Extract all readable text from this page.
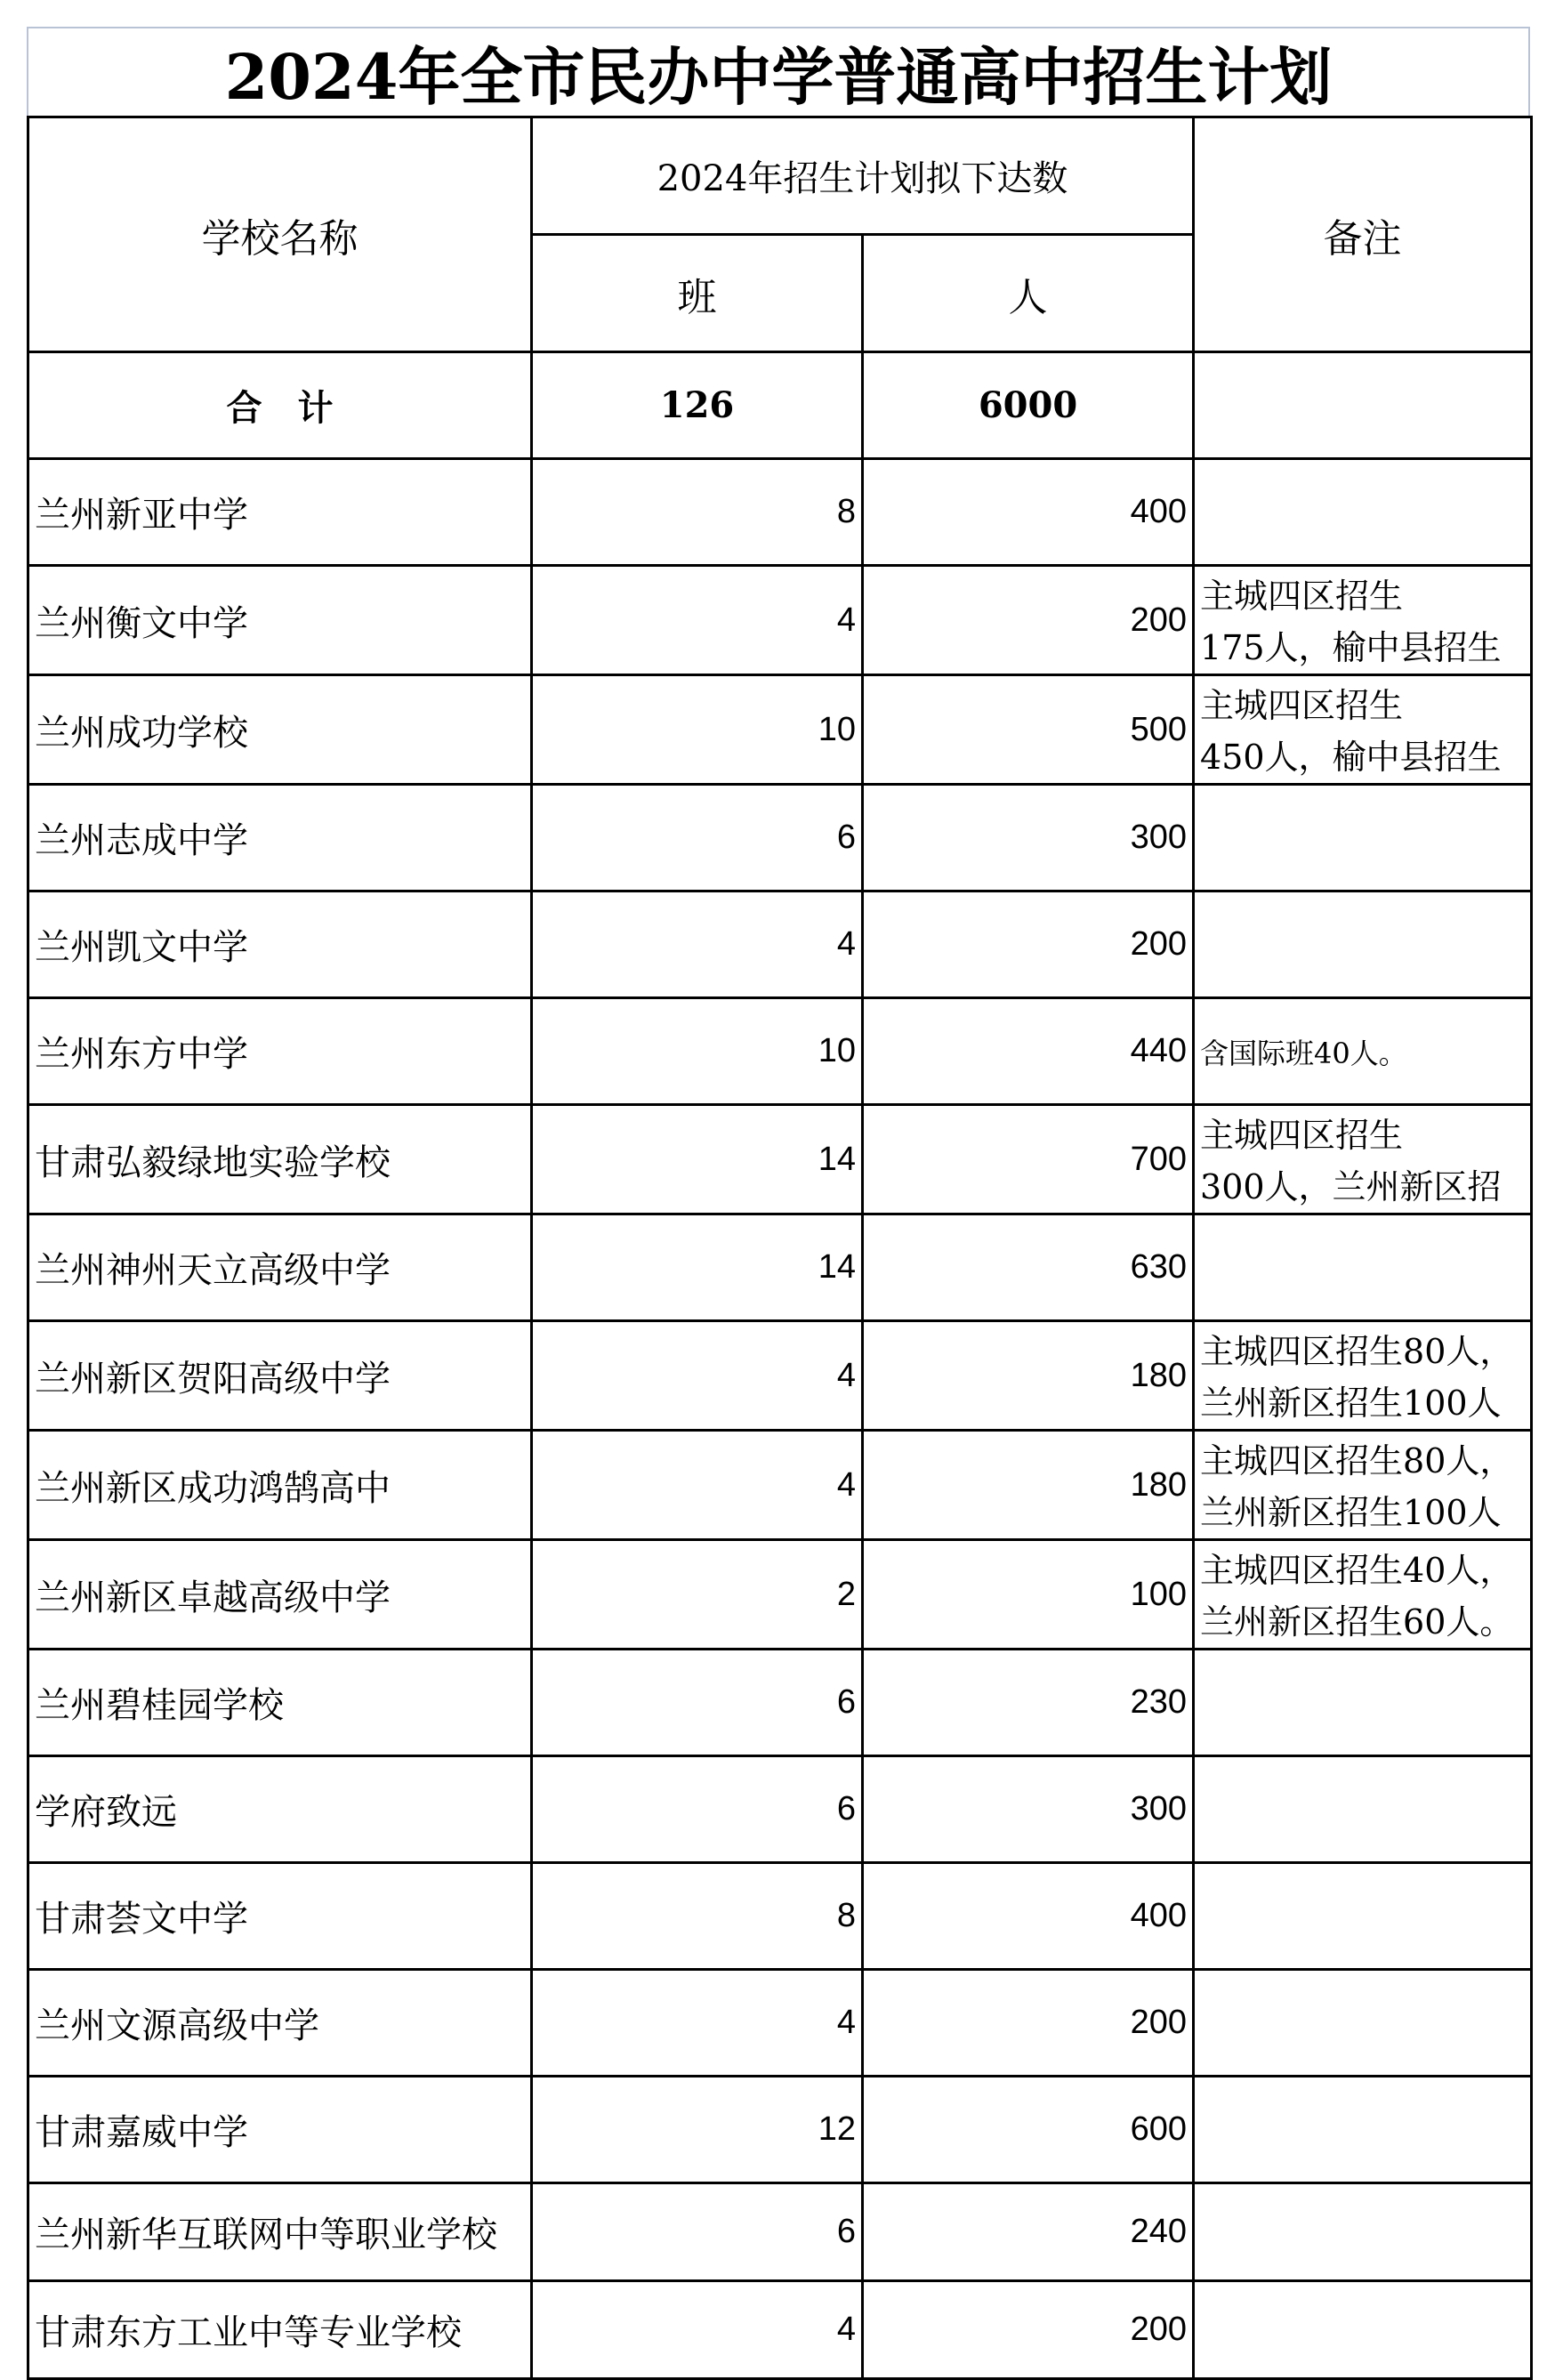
2024年全市民办中学普通高中招生计划
学校名称	2024年招生计划拟下达数		备注
	班	人	
合　计	126	6000	
兰州新亚中学	8	400	
兰州衡文中学	4	200	主城四区招生
175人，榆中县招生

兰州成功学校	10	500	主城四区招生
450人，榆中县招生

兰州志成中学	6	300	
兰州凯文中学	4	200	
兰州东方中学	10	440	含国际班40人。

甘肃弘毅绿地实验学校	14	700	主城四区招生
300人，兰州新区招

兰州神州天立高级中学	14	630	
兰州新区贺阳高级中学	4	180	主城四区招生80人，
兰州新区招生100人

兰州新区成功鸿鹄高中	4	180	主城四区招生80人，
兰州新区招生100人

兰州新区卓越高级中学	2	100	主城四区招生40人，
兰州新区招生60人。

兰州碧桂园学校	6	230	
学府致远	6	300	
甘肃荟文中学	8	400	
兰州文源高级中学	4	200	
甘肃嘉威中学	12	600	
兰州新华互联网中等职业学校	6	240	
甘肃东方工业中等专业学校	4	200	
